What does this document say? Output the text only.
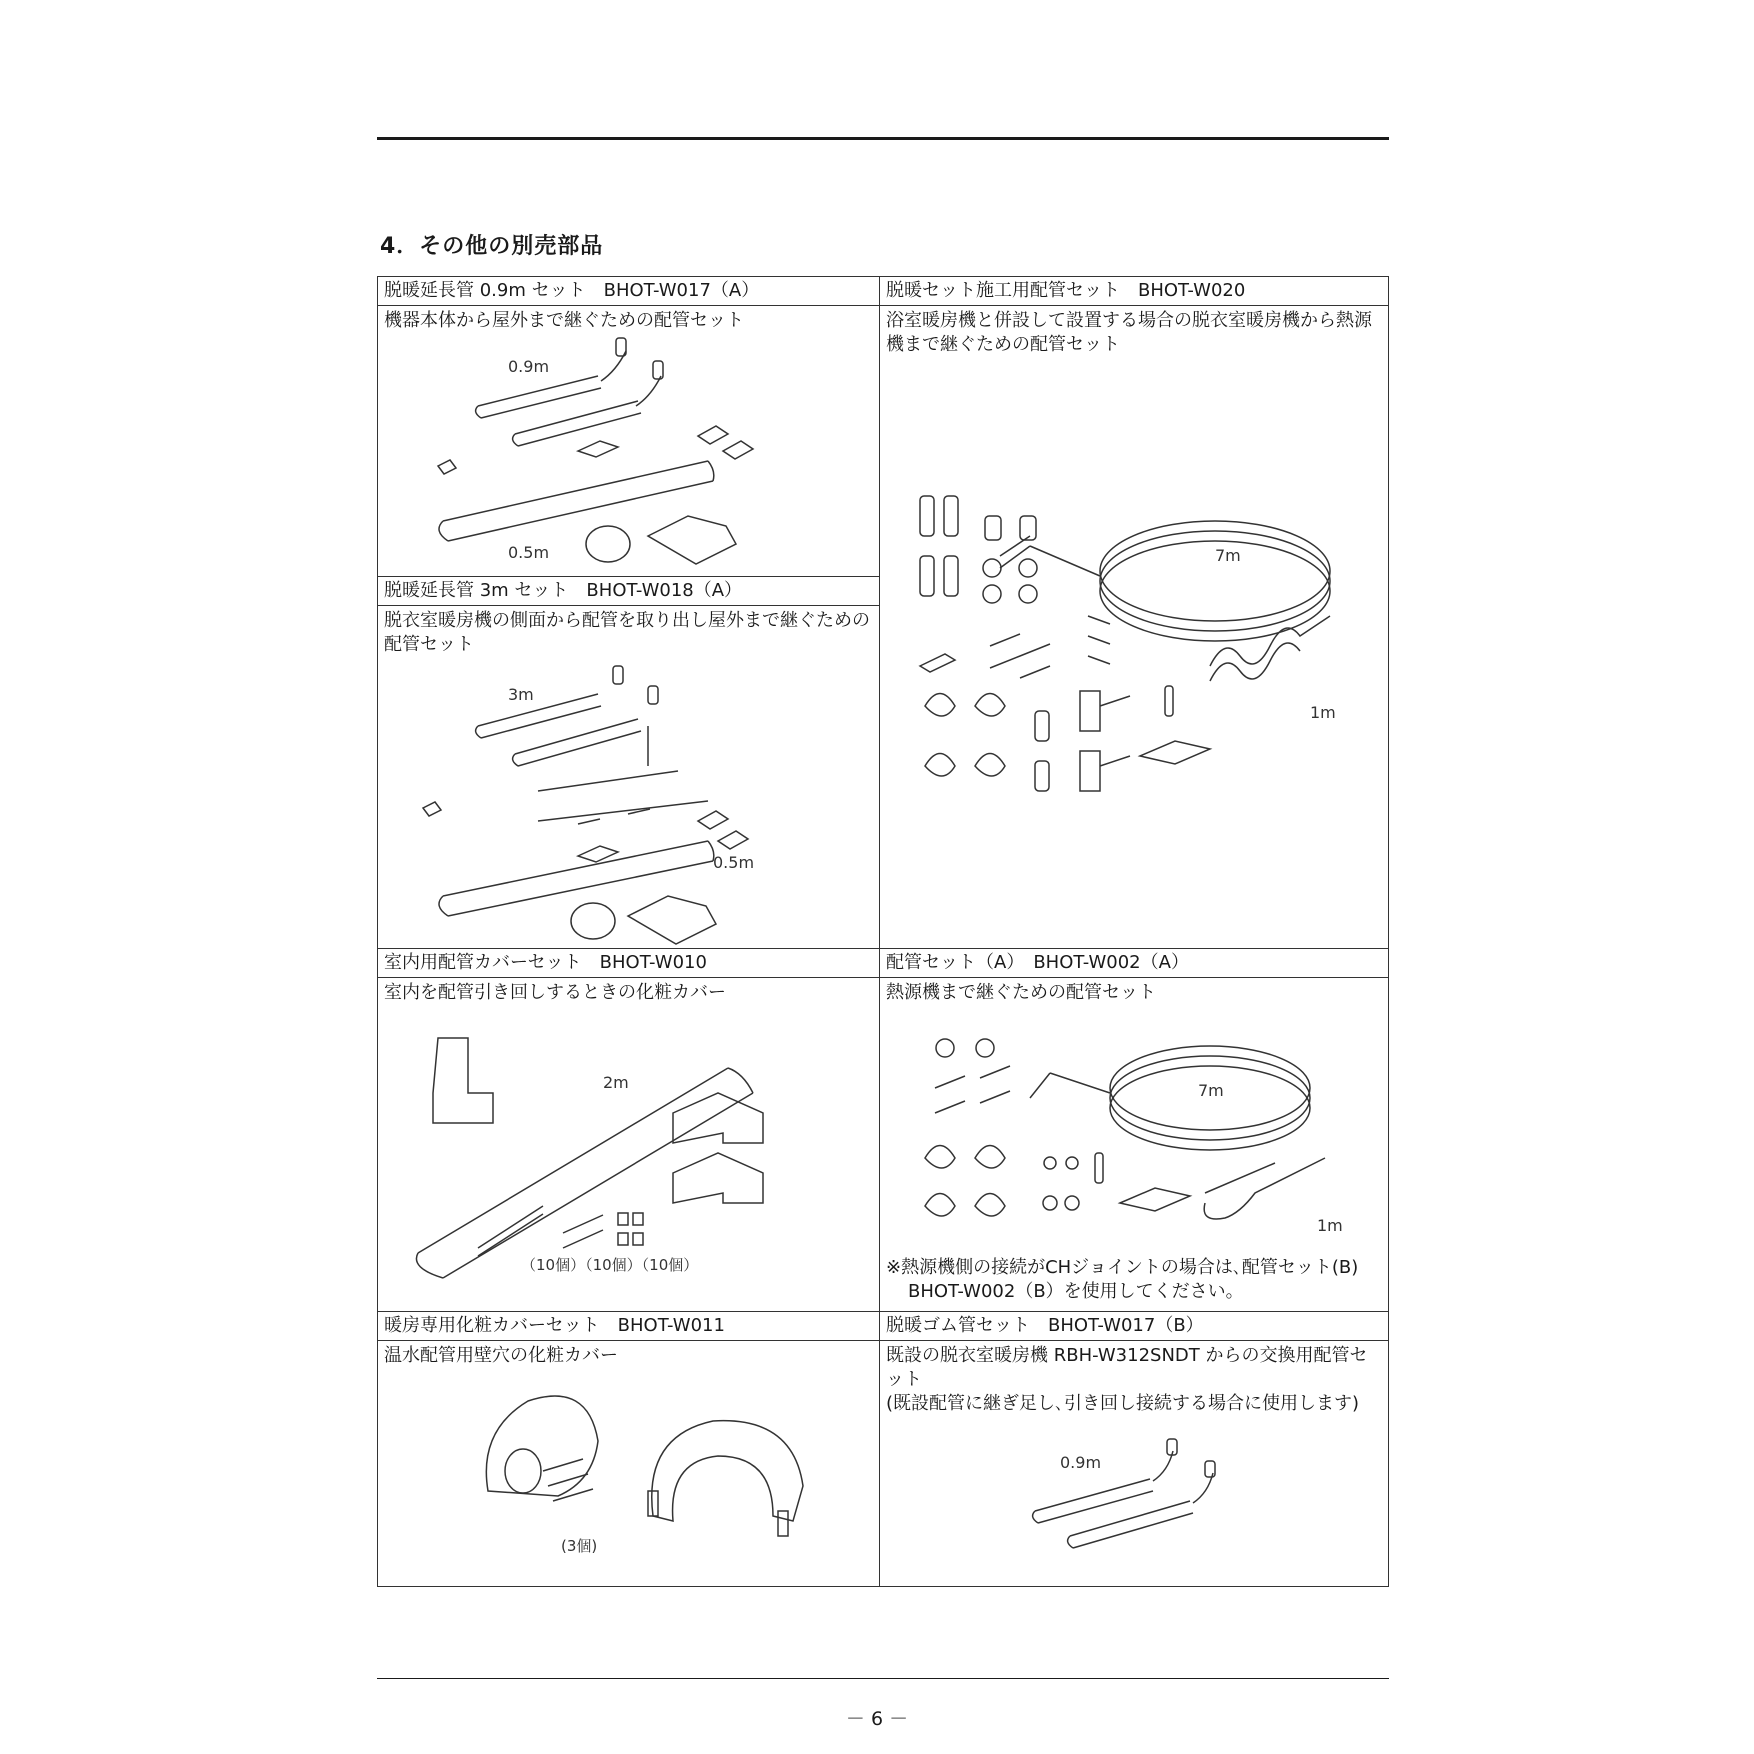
4．その他の別売部品
脱暖延長管 0.9m セット　BHOT-W017（A）
機器本体から屋外まで継ぐための配管セット
0.9m
0.5m
脱暖延長管 3m セット　BHOT-W018（A）
脱衣室暖房機の側面から配管を取り出し屋外まで継ぐための配管セット
3m
0.5m
脱暖セット施工用配管セット　BHOT-W020
浴室暖房機と併設して設置する場合の脱衣室暖房機から熱源機まで継ぐための配管セット
7m
1m
室内用配管カバーセット　BHOT-W010
室内を配管引き回しするときの化粧カバー
2m
（10個）（10個）（10個）
配管セット（A）　BHOT-W002（A）
熱源機まで継ぐための配管セット
7m
1m
※熱源機側の接続がCHジョイントの場合は､配管セット(B)
BHOT-W002（B）を使用してください。
暖房専用化粧カバーセット　BHOT-W011
温水配管用壁穴の化粧カバー
(3個)
脱暖ゴム管セット　BHOT-W017（B）
既設の脱衣室暖房機 RBH-W312SNDT からの交換用配管セット
(既設配管に継ぎ足し､引き回し接続する場合に使用します)
0.9m
－ 6 －
